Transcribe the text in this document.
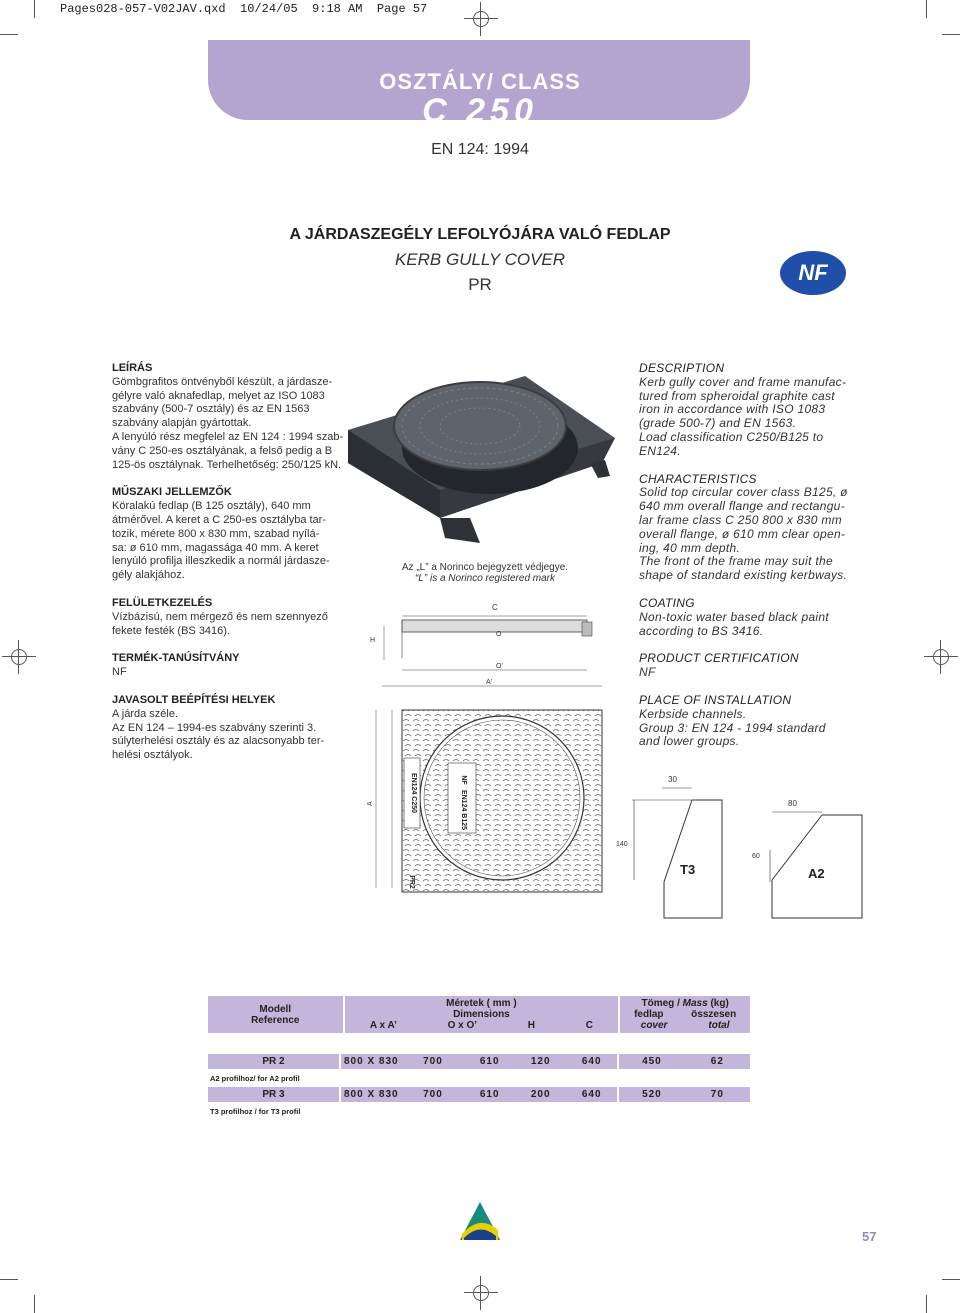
Pages028-057-V02JAV.qxd  10/24/05  9:18 AM  Page 57
OSZTÁLY/ CLASS
C 250
EN 124: 1994
A JÁRDASZEGÉLY LEFOLYÓJÁRA VALÓ FEDLAP
KERB GULLY COVER
PR	NF

LEÍRÁS

Gömbgrafitos öntvényből készült, a járdasze-

gélyre való aknafedlap, melyet az ISO 1083

szabvány (500-7 osztály) és az EN 1563

szabvány alapján gyártottak.

A lenyúló rész megfelel az EN 124 : 1994 szab-

vány C 250-es osztályának, a felső pedig a B

125-ös osztálynak. Terhelhetőség: 250/125 kN.

MŰSZAKI JELLEMZŐK

Köralakú fedlap (B 125 osztály), 640 mm

átmérővel. A keret a C 250-es osztályba tar-

tozik, mérete 800 x 830 mm, szabad nyílá-

sa: ø 610 mm, magassága 40 mm. A keret

lenyúló profilja illeszkedik a normál járdasze-

gély alakjához.

FELÜLETKEZELÉS

Vízbázisú, nem mérgező és nem szennyező

fekete festék (BS 3416).

TERMÉK-TANÚSÍTVÁNY

NF

JAVASOLT BEÉPÍTÉSI HELYEK

A járda széle.

Az EN 124 – 1994-es szabvány szerinti 3.

súlyterhelési osztály és az alacsonyabb ter-

helési osztályok.

DESCRIPTION

Kerb gully cover and frame manufac-

tured from spheroidal graphite cast

iron in accordance with ISO 1083

(grade 500-7) and EN 1563.

Load classification C250/B125 to

EN124.

CHARACTERISTICS

Solid top circular cover class B125, ø

640 mm overall flange and rectangu-

lar frame class C 250 800 x 830 mm

overall flange, ø 610 mm clear open-

ing, 40 mm depth.

The front of the frame may suit the

shape of standard existing kerbways.

COATING

Non-toxic water based black paint

according to BS 3416.

PRODUCT CERTIFICATION

NF

PLACE OF INSTALLATION

Kerbside channels.

Group 3: EN 124 - 1994 standard

and lower groups.

Az „L” a Norinco bejegyzett védjegye.
“L” is a Norinco registered mark
C
O
H
O'
A'
A	EN124 C250	NF
EN124 B125
PR2
30
140
T3
80
60
A2
Modell
Reference

Méretek ( mm )
Dimensions
A x A’	O x O’	H	C

Tömeg / Mass (kg)
fedlap	összesen
cover	total
PR 2	800 X 830	700	610	120	640	450	62
A2 profilhoz/ for A2 profil							
PR 3	800 X 830	700	610	200	640	520	70
T3 profilhoz / for T3 profil							
57
